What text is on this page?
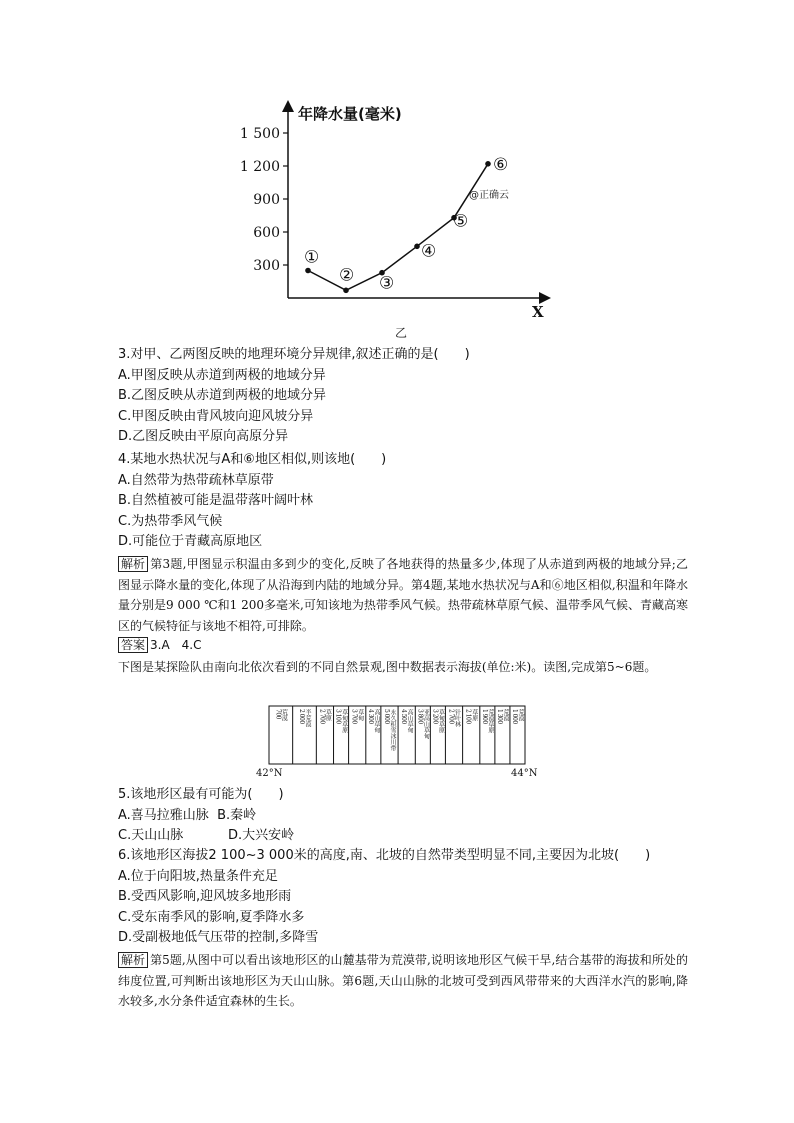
年降水量(毫米)
X
300
600
900
1 200
1 500
①
② ③
④
⑤
⑥
@正确云
乙
3.对甲、乙两图反映的地理环境分异规律,叙述正确的是(　　)
A.甲图反映从赤道到两极的地域分异
B.乙图反映从赤道到两极的地域分异
C.甲图反映由背风坡向迎风坡分异
D.乙图反映由平原向高原分异
4.某地水热状况与A和⑥地区相似,则该地(　　)
A.自然带为热带疏林草原带
B.自然植被可能是温带落叶阔叶林
C.为热带季风气候
D.可能位于青藏高原地区
解析 第3题,甲图显示积温由多到少的变化,反映了各地获得的热量多少,体现了从赤道到两极的地域分异;乙图显示降水量的变化,体现了从沿海到内陆的地域分异。第4题,某地水热状况与A和⑥地区相似,积温和年降水量分别是9 000 ℃和1 200多毫米,可知该地为热带季风气候。热带疏林草原气候、温带季风气候、青藏高寒区的气候特征与该地不相符,可排除。
答案 3.A　4.C
下图是某探险队由南向北依次看到的不同自然景观,图中数据表示海拔(单位:米)。读图,完成第5~6题。
700 荒漠 2 000 半荒漠 2 700 草原 3 100 草甸草原 3 700 草甸 4 300 高山草甸 5 000 永久积雪冰川带 4 500 高山草甸 3 800 亚高山草甸 3 200 草甸草原 2 700 针叶林 2 100 草原 1 900 荒漠草原 1 300 荒漠 1 000 荒漠
42°N	44°N
5.该地形区最有可能为(　　)
A.喜马拉雅山脉 B.秦岭
C.天山山脉	D.大兴安岭
6.该地形区海拔2 100~3 000米的高度,南、北坡的自然带类型明显不同,主要因为北坡(　　)
A.位于向阳坡,热量条件充足
B.受西风影响,迎风坡多地形雨
C.受东南季风的影响,夏季降水多
D.受副极地低气压带的控制,多降雪
解析 第5题,从图中可以看出该地形区的山麓基带为荒漠带,说明该地形区气候干旱,结合基带的海拔和所处的纬度位置,可判断出该地形区为天山山脉。第6题,天山山脉的北坡可受到西风带带来的大西洋水汽的影响,降水较多,水分条件适宜森林的生长。
